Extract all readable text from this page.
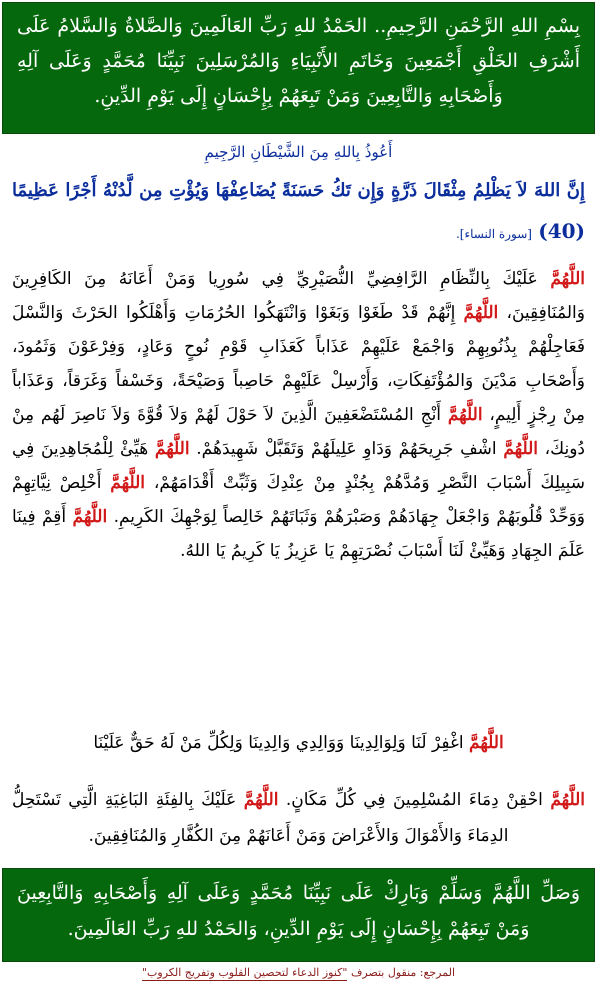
بِسْمِ اللهِ الرَّحْمَنِ الرَّحِيمِ.. الحَمْدُ للهِ رَبِّ العَالَمِينَ وَالصَّلاةُ وَالسَّلامُ عَلَى أَشْرَفِ الخَلْقِ أَجْمَعِينَ وَخَاتَمِ الأَنْبِيَاءِ وَالمُرْسَلِينَ نَبِيِّنَا مُحَمَّدٍ وَعَلَى آلِهِ وَأَصْحَابِهِ وَالتَّابِعِينَ وَمَنْ تَبِعَهُمْ بِإِحْسَانٍ إِلَى يَوْمِ الدِّينِ.
أَعُوذُ بِاللهِ مِنَ الشَّيْطَانِ الرَّجِيمِ
إِنَّ اللهَ لاَ يَظْلِمُ مِثْقَالَ ذَرَّةٍ وَإِن تَكُ حَسَنَةً يُضَاعِفْهَا وَيُؤْتِ مِن لَّدُنْهُ أَجْرًا عَظِيمًا (40) [سورة النساء].
اللَّهُمَّ عَلَيْكَ بِالنِّظَامِ الرَّافِضِيِّ النُّصَيْرِيِّ فِي سُورِيا وَمَنْ أَعَانَهُ مِنَ الكَافِرِينَ وَالمُنَافِقِينَ، اللَّهُمَّ إِنَّهُمْ قَدْ طَغَوْا وَبَغَوْا وَانْتَهَكُوا الحُرُمَاتِ وَأَهْلَكُوا الحَرْثَ وَالنَّسْلَ فَعَاجِلْهُمْ بِذُنُوبِهِمْ وَاجْمَعْ عَلَيْهِمْ عَذَاباً كَعَذَابِ قَوْمِ نُوحٍ وَعَادٍ، وَفِرْعَوْنَ وَثَمُودَ، وَأَصْحَابِ مَدْيَنَ وَالمُؤْتَفِكَاتِ، وَأَرْسِلْ عَلَيْهِمْ حَاصِباً وَصَيْحَةً، وَخَسْفاً وَغَرَقاً، وَعَذَاباً مِنْ رِجْزٍ أَلِيمٍ، اللَّهُمَّ أَنْجِ المُسْتَضْعَفِينَ الَّذِينَ لاَ حَوْلَ لَهُمْ وَلاَ قُوَّةَ وَلاَ نَاصِرَ لَهُم مِنْ دُونِكَ، اللَّهُمَّ اشْفِ جَرِيحَهُمْ وَدَاوِ عَلِيلَهُمْ وَتَقَبَّلْ شَهِيدَهُمْ. اللَّهُمَّ هَيِّئْ لِلْمُجَاهِدِينَ فِي سَبِيلِكَ أَسْبَابَ النَّصْرِ وَمُدَّهُمْ بِجُنْدٍ مِنْ عِنْدِكَ وَثَبِّتْ أَقْدَامَهُمْ، اللَّهُمَّ أَخْلِصْ نِيَّاتِهِمْ وَوَحِّدْ قُلُوبَهُمْ وَاجْعَلْ جِهَادَهُمْ وَصَبْرَهُمْ وَثَبَاتَهُمْ خَالِصاً لِوَجْهِكَ الكَرِيمِ. اللَّهُمَّ أَقِمْ فِينَا عَلَمَ الجِهَادِ وَهَيِّئْ لَنَا أَسْبَابَ نُصْرَتِهِمْ يَا عَزِيزُ يَا كَرِيمُ يَا اللهُ.
اللَّهُمَّ اغْفِرْ لَنَا وَلِوَالِدِينَا وَوَالِدِي وَالِدِينَا وَلِكُلِّ مَنْ لَهُ حَقٌّ عَلَيْنَا
اللَّهُمَّ احْقِنْ دِمَاءَ المُسْلِمِينَ فِي كُلِّ مَكَانٍ. اللَّهُمَّ عَلَيْكَ بِالفِئَةِ البَاغِيَةِ الَّتِي تَسْتَحِلُّ الدِمَاءَ وَالأَمْوَالَ وَالأَعْرَاضَ وَمَنْ أَعَانَهُمْ مِنَ الكُفَّارِ وَالمُنَافِقِينَ.
وَصَلِّ اللَّهُمَّ وَسَلِّمْ وَبَارِكْ عَلَى نَبِيِّنَا مُحَمَّدٍ وَعَلَى آلِهِ وَأَصْحَابِهِ وَالتَّابِعِينَ وَمَنْ تَبِعَهُمْ بِإِحْسَانٍ إِلَى يَوْمِ الدِّينِ، وَالحَمْدُ للهِ رَبِّ العَالَمِينَ.
المرجع: منقول بتصرف "كنوز الدعاء لتحصين القلوب وتفريج الكروب"
